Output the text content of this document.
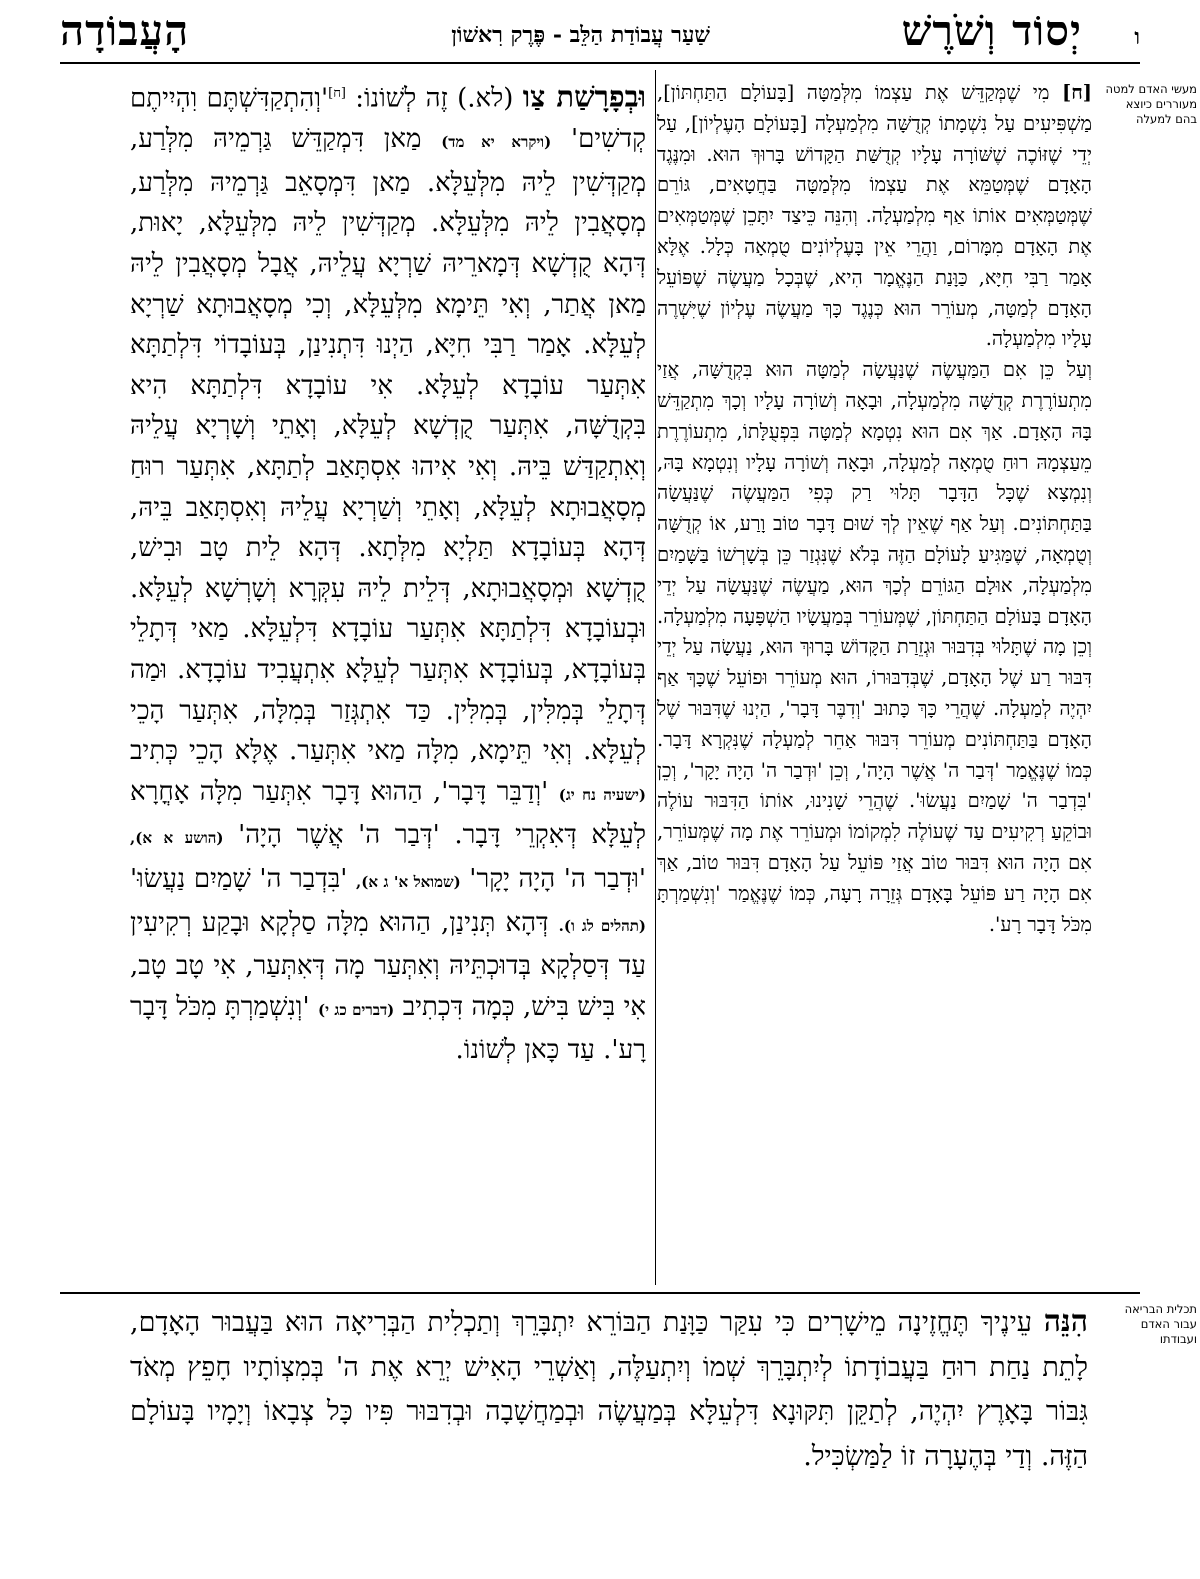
ו
יְסוֹד וְשֹׁרֶשׁ
שַׁעַר עֲבוֹדַת הַלֵּב - פֶּרֶק רִאשׁוֹן
הָעֲבוֹדָה
מעשי האדם למטה מעוררים כיוצא בהם למעלה
תכלית הבריאה עבור האדם ועבודתו

[ח] מִי שֶׁמְּקַדֵּשׁ אֶת עַצְמוֹ מִלְּמַטָּה [בָּעוֹלָם הַתַּחְתּוֹן], מַשְׁפִּיעִים עַל נִשְׁמָתוֹ קְדֻשָּׁה מִלְמַעְלָה [בָּעוֹלָם הָעֶלְיוֹן], עַל יְדֵי שֶׁזּוֹכֶה שֶׁשּׁוֹרָה עָלָיו קְדֻשַּׁת הַקָּדוֹשׁ בָּרוּךְ הוּא. וּמִנֶּגֶד הָאָדָם שֶׁמְּטַמֵּא אֶת עַצְמוֹ מִלְּמַטָּה בַּחֲטָאִים, גּוֹרֵם שֶׁמְּטַמְּאִים אוֹתוֹ אַף מִלְמַעְלָה. וְהִנֵּה כֵּיצַד יִתָּכֵן שֶׁמְּטַמְּאִים אֶת הָאָדָם מִמָּרוֹם, וַהֲרֵי אֵין בָּעֶלְיוֹנִים טֻמְאָה כְּלָל. אֶלָּא אָמַר רַבִּי חִיָּא, כַּוָּנַת הַנֶּאֱמָר הִיא, שֶׁבְּכָל מַעֲשֶׂה שֶׁפּוֹעֵל הָאָדָם לְמַטָּה, מְעוֹרֵר הוּא כְּנֶגֶד כָּךְ מַעֲשֶׂה עֶלְיוֹן שֶׁיִּשְׁרֶה עָלָיו מִלְמַעְלָה.

וְעַל כֵּן אִם הַמַּעֲשֶׂה שֶׁנַּעֲשָׂה לְמַטָּה הוּא בִּקְדֻשָּׁה, אֲזַי מִתְעוֹרֶרֶת קְדֻשָּׁה מִלְמַעְלָה, וּבָאָה וְשׁוֹרָה עָלָיו וְכָךְ מִתְקַדֵּשׁ בָּהּ הָאָדָם. אַךְ אִם הוּא נִטְמָא לְמַטָּה בִּפְעֻלָּתוֹ, מִתְעוֹרֶרֶת מֵעַצְמָהּ רוּחַ טֻמְאָה לְמַעְלָה, וּבָאָה וְשׁוֹרָה עָלָיו וְנִטְמָא בָּהּ, וְנִמְצָא שֶׁכָּל הַדָּבָר תָּלוּי רַק כְּפִי הַמַּעֲשֶׂה שֶׁנַּעֲשָׂה בַּתַּחְתּוֹנִים. וְעַל אַף שֶׁאֵין לְךָ שׁוּם דָּבָר טוֹב וָרַע, אוֹ קְדֻשָּׁה וְטֻמְאָה, שֶׁמַּגִּיעַ לָעוֹלָם הַזֶּה בְּלֹא שֶׁנִּגְזַר כֵּן בְּשָׁרְשׁוֹ בַּשָּׁמַיִם מִלְמַעְלָה, אוּלָם הַגּוֹרֵם לְכָךְ הוּא, מַעֲשֶׂה שֶׁנַּעֲשָׂה עַל יְדֵי הָאָדָם בָּעוֹלָם הַתַּחְתּוֹן, שֶׁמְּעוֹרֵר בְּמַעֲשָׂיו הַשְׁפָּעָה מִלְמַעְלָה. וְכֵן מָה שֶׁתָּלוּי בְּדִבּוּר וּגְזֵרַת הַקָּדוֹשׁ בָּרוּךְ הוּא, נַעֲשָׂה עַל יְדֵי דִּבּוּר רַע שֶׁל הָאָדָם, שֶׁבְּדִבּוּרוֹ, הוּא מְעוֹרֵר וּפוֹעֵל שֶׁכָּךְ אַף יִהְיֶה לְמַעְלָה. שֶׁהֲרֵי כָּךְ כָּתוּב 'וְדִבֶּר דָּבָר', הַיְנוּ שֶׁדִּבּוּר שֶׁל הָאָדָם בַּתַּחְתּוֹנִים מְעוֹרֵר דִּבּוּר אַחֵר לְמַעְלָה שֶׁנִּקְרָא דָּבָר. כְּמוֹ שֶׁנֶּאֱמַר 'דְּבַר ה' אֲשֶׁר הָיָה', וְכֵן 'וּדְבַר ה' הָיָה יָקָר', וְכֵן 'בִּדְבַר ה' שָׁמַיִם נַעֲשׂוּ'. שֶׁהֲרֵי שָׁנִינוּ, אוֹתוֹ הַדִּבּוּר עוֹלֶה וּבוֹקֵעַ רְקִיעִים עַד שֶׁעוֹלֶה לִמְקוֹמוֹ וּמְעוֹרֵר אֶת מָה שֶׁמְּעוֹרֵר, אִם הָיָה הוּא דִּבּוּר טוֹב אֲזַי פּוֹעֵל עַל הָאָדָם דִּבּוּר טוֹב, אַךְ אִם הָיָה רַע פּוֹעֵל בָּאָדָם גְּזֵרָה רָעָה, כְּמוֹ שֶׁנֶּאֱמַר 'וְנִשְׁמַרְתָּ מִכֹּל דָּבָר רָע'.

וּבְפָרָשַׁת צַו (לא.) זֶה לְשׁוֹנוֹ: [ח]'וְהִתְקַדִּשְׁתֶּם וִהְיִיתֶם קְדשִׁים' (ויקרא יא מד) מַאן דִּמְקַדֵּשׁ גַּרְמֵיהּ מִלְּרַע, מְקַדְּשִׁין לֵיהּ מִלְּעֵלָּא. מַאן דִּמְסָאֵב גַּרְמֵיהּ מִלְּרַע, מְסָאֲבִין לֵיהּ מִלְּעֵלָּא. מְקַדְּשִׁין לֵיהּ מִלְּעֵלָּא, יָאוּת, דְּהָא קֻדְשָׁא דְּמָארֵיהּ שַׁרְיָא עֲלֵיהּ, אֲבָל מְסָאֲבִין לֵיהּ מַאן אֲתַר, וְאִי תֵּימָא מִלְּעֵלָּא, וְכִי מְסָאֲבוּתָא שַׁרְיָא לְעֵלָּא. אָמַר רַבִּי חִיָּא, הַיְנוּ דִּתְנִינַן, בְּעוֹבָדוֹי דִּלְתַתָּא אִתְּעַר עוֹבָדָא לְעֵלָּא. אִי עוֹבָדָא דִּלְתַתָּא הִיא בִּקְדֻשָּׁה, אִתְּעַר קֻדְשָׁא לְעֵלָּא, וְאָתֵי וְשָׁרְיָא עֲלֵיהּ וְאִתְקַדַּשׁ בֵּיהּ. וְאִי אִיהוּ אִסְתָּאַב לְתַתָּא, אִתְּעַר רוּחַ מְסָאֲבוּתָא לְעֵלָּא, וְאָתֵי וְשַׁרְיָא עֲלֵיהּ וְאִסְתָּאַב בֵּיהּ, דְּהָא בְּעוֹבָדָא תַּלְיָא מִלְּתָא. דְּהָא לֵית טָב וּבִישׁ, קֻדְשָׁא וּמְסָאֲבוּתָא, דְּלֵית לֵיהּ עִקְּרָא וְשָׁרְשָׁא לְעֵלָּא. וּבְעוֹבָדָא דִּלְתַתָּא אִתְּעַר עוֹבָדָא דִּלְעֵלָּא. מַאי דְּתָלֵי בְּעוֹבָדָא, בְּעוֹבָדָא אִתְּעַר לְעֵלָּא אִתְעֲבִיד עוֹבָדָא. וּמַה דְּתָלֵי בְּמִלִּין, בְּמִלִּין. כַּד אִתְגְּזַר בְּמִלָּה, אִתְּעַר הָכֵי לְעֵלָּא. וְאִי תֵּימָא, מִלָּה מַאי אִתְּעַר. אֶלָּא הָכֵי כְּתִיב (ישעיה נח יג) 'וְדַבֵּר דָּבָר', הַהוּא דָּבָר אִתְּעַר מִלָּה אָחֳרָא לְעֵלָּא דְּאִקְרֵי דָּבָר. 'דְּבַר ה' אֲשֶׁר הָיָה' (הושע א א), 'וּדְבַר ה' הָיָה יָקָר' (שמואל א' ג א), 'בִּדְבַר ה' שָׁמַיִם נַעֲשׂוּ' (תהלים לג ו). דְּהָא תְּנִינַן, הַהוּא מִלָּה סַלְקָא וּבָקַע רְקִיעִין עַד דְּסַלְקָא בְּדוּכְתֵּיהּ וְאִתְּעַר מָה דְּאִתְּעַר, אִי טָב טָב, אִי בִּישׁ בִּישׁ, כְּמָה דִּכְתִיב (דברים כג י) 'וְנִשְׁמַרְתָּ מִכֹּל דָּבָר רָע'. עַד כָּאן לְשׁוֹנוֹ.

הִנֵּה עֵינֶיךָ תֶּחֱזֶינָה מֵישָׁרִים כִּי עִקַּר כַּוָּנַת הַבּוֹרֵא יִתְבָּרֵךְ וְתַכְלִית הַבְּרִיאָה הוּא בַּעֲבוּר הָאָדָם, לָתֵת נַחַת רוּחַ בַּעֲבוֹדָתוֹ לְיִתְבָּרֵךְ שְׁמוֹ וְיִתְעַלֶּה, וְאַשְׁרֵי הָאִישׁ יְרֵא אֶת ה' בְּמִצְוֹתָיו חָפֵץ מְאֹד גִּבּוֹר בָּאָרֶץ יִהְיֶה, לְתַקֵּן תִּקּוּנָא דִּלְעֵלָּא בְּמַעֲשֶׂה וּבְמַחֲשָׁבָה וּבְדִבּוּר פִּיו כָּל צְבָאוֹ וְיָמָיו בָּעוֹלָם הַזֶּה. וְדַי בְּהֶעָרָה זוֹ לַמַּשְׂכִּיל.
